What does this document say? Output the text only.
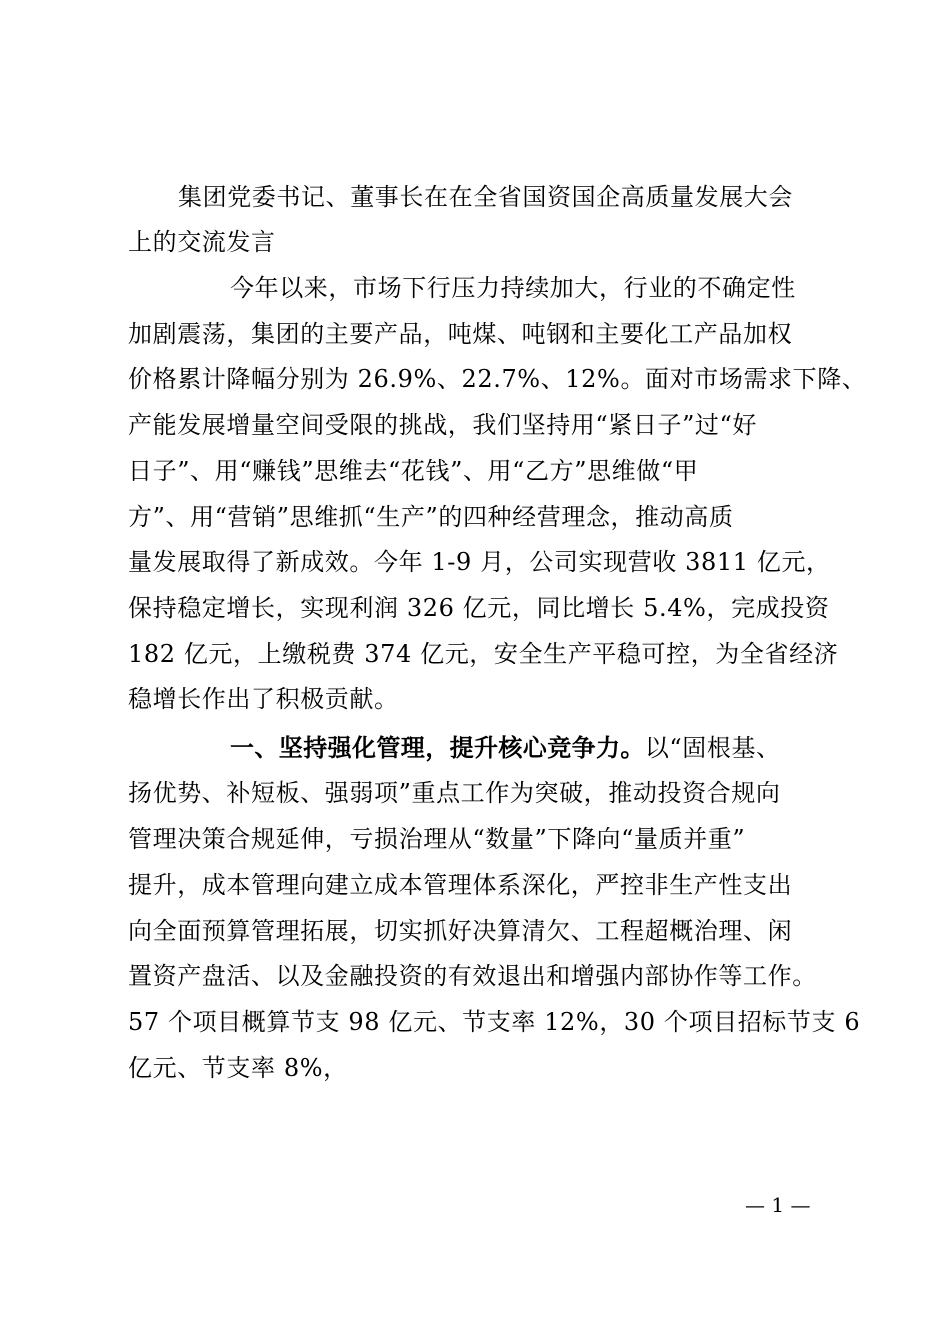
集团党委书记、董事长在在全省国资国企高质量发展大会
上的交流发言
今年以来，市场下行压力持续加大，行业的不确定性
加剧震荡，集团的主要产品，吨煤、吨钢和主要化工产品加权
价格累计降幅分别为 26.9%、22.7%、12%。面对市场需求下降、
产能发展增量空间受限的挑战，我们坚持用“紧日子”过“好
日子”、用“赚钱”思维去“花钱”、用“乙方”思维做“甲
方”、用“营销”思维抓“生产”的四种经营理念，推动高质
量发展取得了新成效。今年 1-9 月，公司实现营收 3811 亿元，
保持稳定增长，实现利润 326 亿元，同比增长 5.4%，完成投资
182 亿元，上缴税费 374 亿元，安全生产平稳可控，为全省经济
稳增长作出了积极贡献。
一、坚持强化管理，提升核心竞争力。以“固根基、
扬优势、补短板、强弱项”重点工作为突破，推动投资合规向
管理决策合规延伸，亏损治理从“数量”下降向“量质并重”
提升，成本管理向建立成本管理体系深化，严控非生产性支出
向全面预算管理拓展，切实抓好决算清欠、工程超概治理、闲
置资产盘活、以及金融投资的有效退出和增强内部协作等工作。
57 个项目概算节支 98 亿元、节支率 12%，30 个项目招标节支 6
亿元、节支率 8%，
— 1 —
